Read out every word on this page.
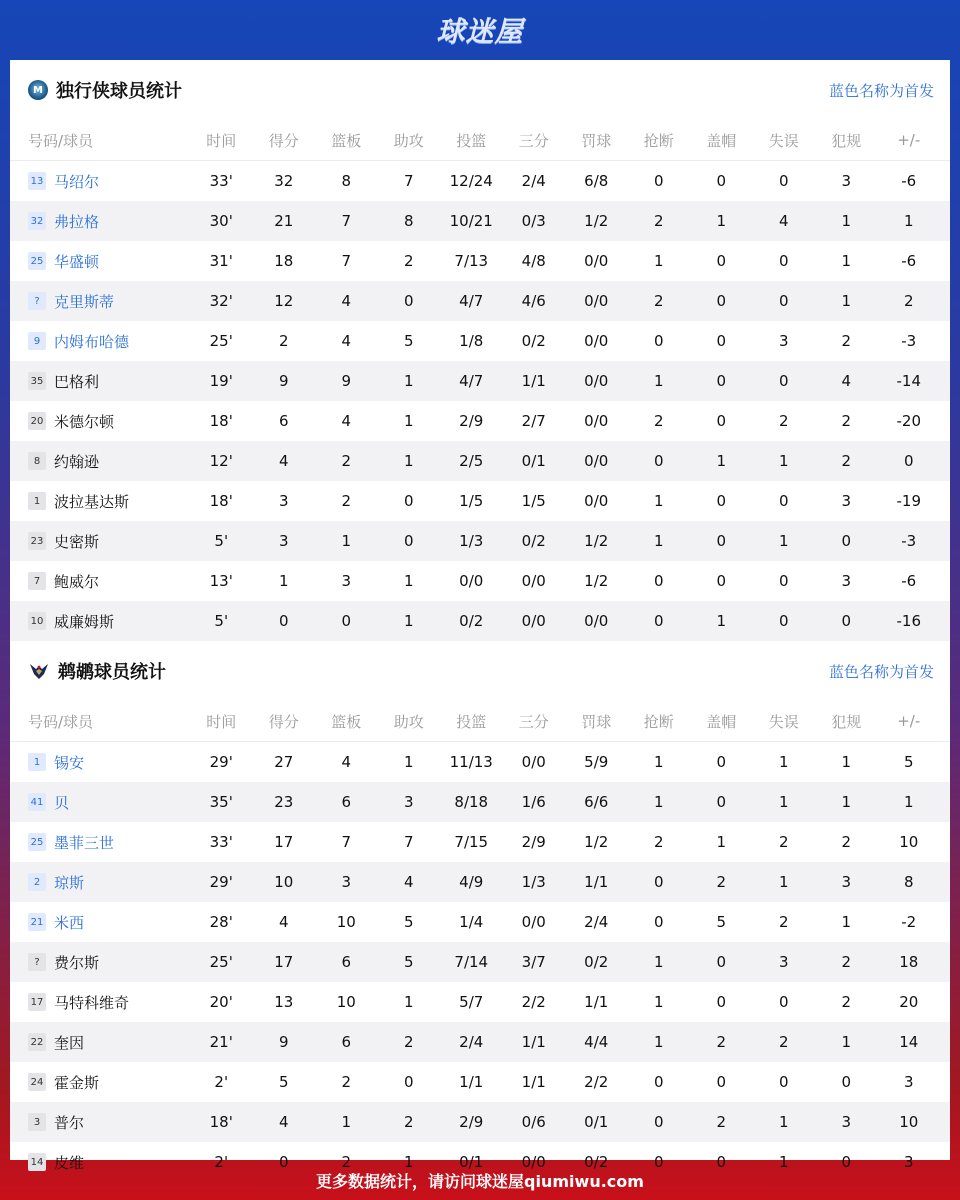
球迷屋
M 独行侠球员统计	蓝色名称为首发
号码/球员	时间	得分	篮板	助攻	投篮	三分	罚球	抢断	盖帽	失误	犯规	+/-
13 马绍尔	33'	32	8	7	12/24	2/4	6/8	0	0	0	3	-6
32 弗拉格	30'	21	7	8	10/21	0/3	1/2	2	1	4	1	1
25 华盛顿	31'	18	7	2	7/13	4/8	0/0	1	0	0	1	-6
? 克里斯蒂	32'	12	4	0	4/7	4/6	0/0	2	0	0	1	2
9 内姆布哈德	25'	2	4	5	1/8	0/2	0/0	0	0	3	2	-3
35 巴格利	19'	9	9	1	4/7	1/1	0/0	1	0	0	4	-14
20 米德尔顿	18'	6	4	1	2/9	2/7	0/0	2	0	2	2	-20
8 约翰逊	12'	4	2	1	2/5	0/1	0/0	0	1	1	2	0
1 波拉基达斯	18'	3	2	0	1/5	1/5	0/0	1	0	0	3	-19
23 史密斯	5'	3	1	0	1/3	0/2	1/2	1	0	1	0	-3
7 鲍威尔	13'	1	3	1	0/0	0/0	1/2	0	0	0	3	-6
10 威廉姆斯	5'	0	0	1	0/2	0/0	0/0	0	1	0	0	-16
鹈鹕球员统计	蓝色名称为首发
号码/球员	时间	得分	篮板	助攻	投篮	三分	罚球	抢断	盖帽	失误	犯规	+/-
1 锡安	29'	27	4	1	11/13	0/0	5/9	1	0	1	1	5
41 贝	35'	23	6	3	8/18	1/6	6/6	1	0	1	1	1
25 墨菲三世	33'	17	7	7	7/15	2/9	1/2	2	1	2	2	10
2 琼斯	29'	10	3	4	4/9	1/3	1/1	0	2	1	3	8
21 米西	28'	4	10	5	1/4	0/0	2/4	0	5	2	1	-2
? 费尔斯	25'	17	6	5	7/14	3/7	0/2	1	0	3	2	18
17 马特科维奇	20'	13	10	1	5/7	2/2	1/1	1	0	0	2	20
22 奎因	21'	9	6	2	2/4	1/1	4/4	1	2	2	1	14
24 霍金斯	2'	5	2	0	1/1	1/1	2/2	0	0	0	0	3
3 普尔	18'	4	1	2	2/9	0/6	0/1	0	2	1	3	10
14 皮维	2'	0	2	1	0/1	0/0	0/2	0	0	1	0	3
更多数据统计，请访问球迷屋qiumiwu.com
